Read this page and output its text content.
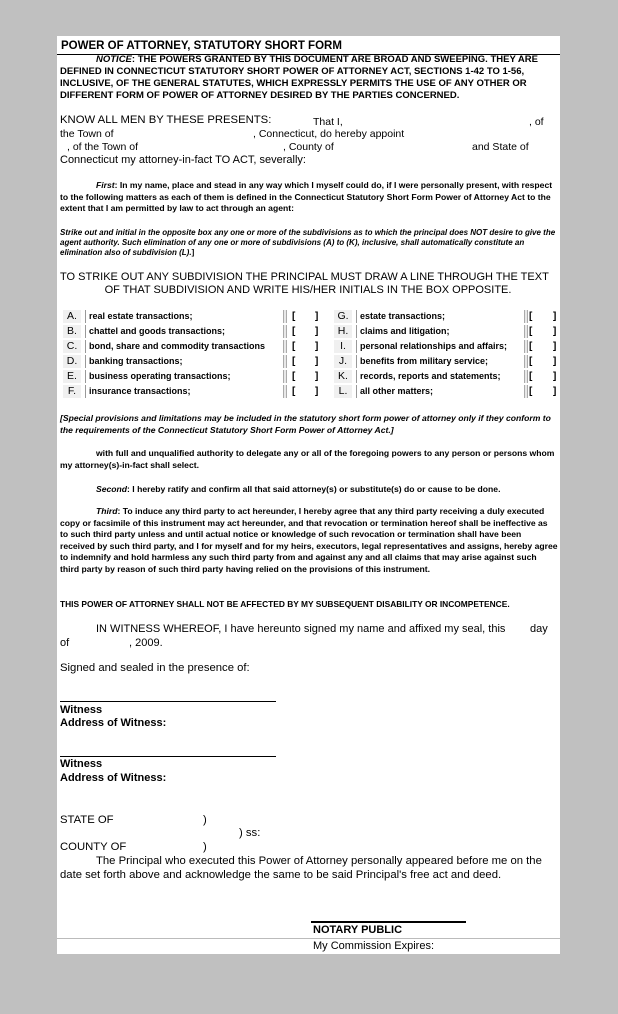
POWER OF ATTORNEY, STATUTORY SHORT FORM
NOTICE: THE POWERS GRANTED BY THIS DOCUMENT ARE BROAD AND SWEEPING. THEY ARE DEFINED IN CONNECTICUT STATUTORY SHORT POWER OF ATTORNEY ACT, SECTIONS 1-42 TO 1-56, INCLUSIVE, OF THE GENERAL STATUTES, WHICH EXPRESSLY PERMITS THE USE OF ANY OTHER OR DIFFERENT FORM OF POWER OF ATTORNEY DESIRED BY THE PARTIES CONCERNED.
KNOW ALL MEN BY THESE PRESENTS:	That I,	, of
the Town of	, Connecticut, do hereby appoint
, of the Town of	, County of	and State of
Connecticut my attorney-in-fact TO ACT, severally:
First: In my name, place and stead in any way which I myself could do, if I were personally present, with respect to the following matters as each of them is defined in the Connecticut Statutory Short Form Power of Attorney Act to the extent that I am permitted by law to act through an agent:
Strike out and initial in the opposite box any one or more of the subdivisions as to which the principal does NOT desire to give the agent authority. Such elimination of any one or more of subdivisions (A) to (K), inclusive, shall automatically constitute an elimination also of subdivision (L).]
TO STRIKE OUT ANY SUBDIVISION THE PRINCIPAL MUST DRAW A LINE THROUGH THE TEXT
OF THAT SUBDIVISION AND WRITE HIS/HER INITIALS IN THE BOX OPPOSITE.
A.	real estate transactions;	[ ]	G.	estate transactions;	[ ]
B.	chattel and goods transactions;	[ ]	H.	claims and litigation;	[ ]
C.	bond, share and commodity transactions	[ ]	I.	personal relationships and affairs;	[ ]
D.	banking transactions;	[ ]	J.	benefits from military service;	[ ]
E.	business operating transactions;	[ ]	K.	records, reports and statements;	[ ]
F.	insurance transactions;	[ ]	L.	all other matters;	[ ]
[Special provisions and limitations may be included in the statutory short form power of attorney only if they conform to the requirements of the Connecticut Statutory Short Form Power of Attorney Act.]
with full and unqualified authority to delegate any or all of the foregoing powers to any person or persons whom my attorney(s)-in-fact shall select.
Second: I hereby ratify and confirm all that said attorney(s) or substitute(s) do or cause to be done.
Third: To induce any third party to act hereunder, I hereby agree that any third party receiving a duly executed copy or facsimile of this instrument may act hereunder, and that revocation or termination hereof shall be ineffective as to such third party unless and until actual notice or knowledge of such revocation or termination shall have been received by such third party, and I for myself and for my heirs, executors, legal representatives and assigns, hereby agree to indemnify and hold harmless any such third party from and against any and all claims that may arise against such third party by reason of such third party having relied on the provisions of this instrument.
THIS POWER OF ATTORNEY SHALL NOT BE AFFECTED BY MY SUBSEQUENT DISABILITY OR INCOMPETENCE.
IN WITNESS WHEREOF, I have hereunto signed my name and affixed my seal, this day
of	, 2009.
Signed and sealed in the presence of:
Witness
Address of Witness:
Witness
Address of Witness:
STATE OF	)
) ss:
COUNTY OF	)
The Principal who executed this Power of Attorney personally appeared before me on the date set forth above and acknowledge the same to be said Principal's free act and deed.
NOTARY PUBLIC
My Commission Expires:
